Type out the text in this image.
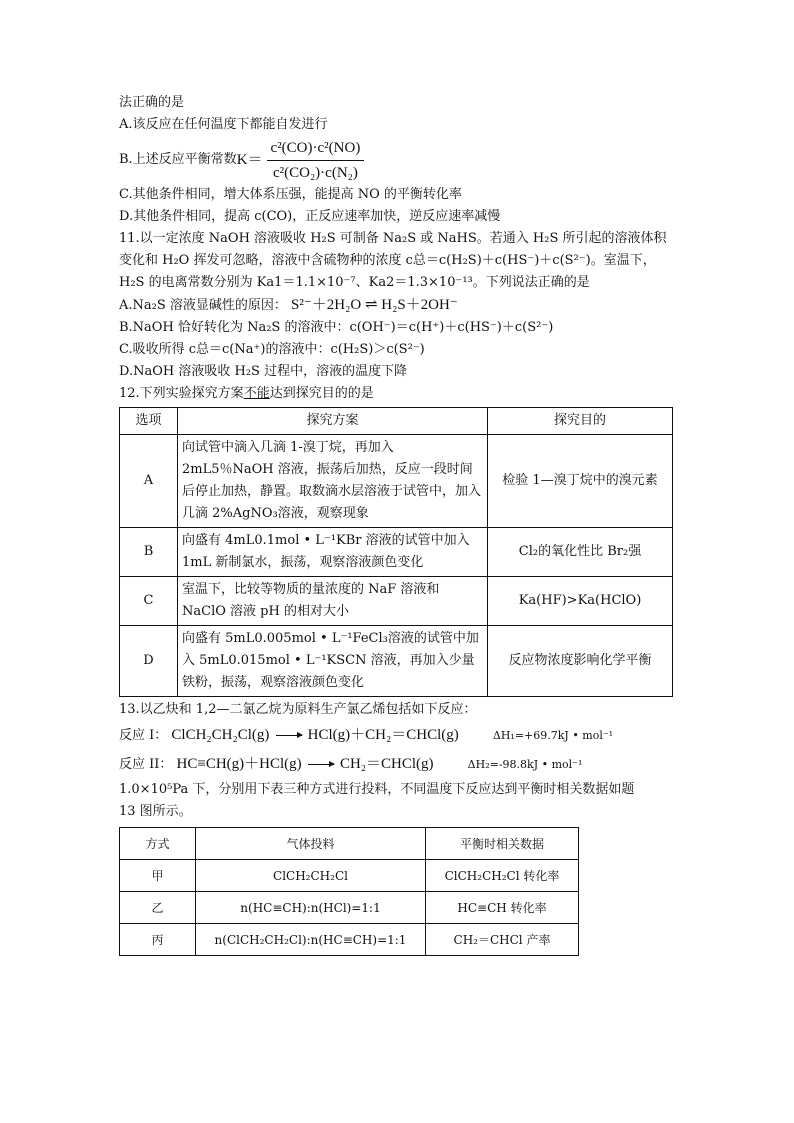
法正确的是
A.该反应在任何温度下都能自发进行
B.上述反应平衡常数 $K= \frac{\text{c²(CO)·c²(NO)}}{\text{c²(CO₂)·c(N₂)}}$
C.其他条件相同，增大体系压强，能提高 NO 的平衡转化率
D.其他条件相同，提高 c(CO)，正反应速率加快，逆反应速率减慢
11.以一定浓度 NaOH 溶液吸收 H₂S 可制备 Na₂S 或 NaHS。若通入 H₂S 所引起的溶液体积
变化和 H₂O 挥发可忽略，溶液中含硫物种的浓度 c总＝c(H₂S)＋c(HS⁻)＋c(S²⁻)。室温下，
H₂S 的电离常数分别为 Ka1＝1.1×10⁻⁷、Ka2＝1.3×10⁻¹³。下列说法正确的是
A.Na₂S 溶液显碱性的原因： S²⁻＋2H₂O ⇌ H₂S＋2OH⁻
B.NaOH 恰好转化为 Na₂S 的溶液中：c(OH⁻)＝c(H⁺)＋c(HS⁻)＋c(S²⁻)
C.吸收所得 c总＝c(Na⁺)的溶液中：c(H₂S)＞c(S²⁻)
D.NaOH 溶液吸收 H₂S 过程中，溶液的温度下降
12.下列实验探究方案不能达到探究目的的是
选项	探究方案	探究目的
A	向试管中滴入几滴 1-溴丁烷，再加入 2mL5％NaOH 溶液，振荡后加热，反应一段时间后停止加热，静置。取数滴水层溶液于试管中，加入几滴 2%AgNO₃溶液，观察现象	检验 1—溴丁烷中的溴元素
B	向盛有 4mL0.1mol • L⁻¹KBr 溶液的试管中加入 1mL 新制氯水，振荡，观察溶液颜色变化	Cl₂的氧化性比 Br₂强
C	室温下，比较等物质的量浓度的 NaF 溶液和 NaClO 溶液 pH 的相对大小	Ka(HF)>Ka(HClO)
D	向盛有 5mL0.005mol • L⁻¹FeCl₃溶液的试管中加入 5mL0.015mol • L⁻¹KSCN 溶液，再加入少量铁粉，振荡，观察溶液颜色变化	反应物浓度影响化学平衡
13.以乙炔和 1,2—二氯乙烷为原料生产氯乙烯包括如下反应：
反应 I： ClCH₂CH₂Cl(g) → HCl(g)＋CH₂＝CHCl(g)	ΔH₁=+69.7kJ • mol⁻¹
反应 II： HC≡CH(g)＋HCl(g) → CH₂＝CHCl(g)	ΔH₂=-98.8kJ • mol⁻¹
1.0×10⁵Pa 下，分别用下表三种方式进行投料，不同温度下反应达到平衡时相关数据如题
13 图所示。
方式	气体投料	平衡时相关数据
甲	ClCH₂CH₂Cl	ClCH₂CH₂Cl 转化率
乙	n(HC≡CH):n(HCl)=1:1	HC≡CH 转化率
丙	n(ClCH₂CH₂Cl):n(HC≡CH)=1:1	CH₂＝CHCl 产率
